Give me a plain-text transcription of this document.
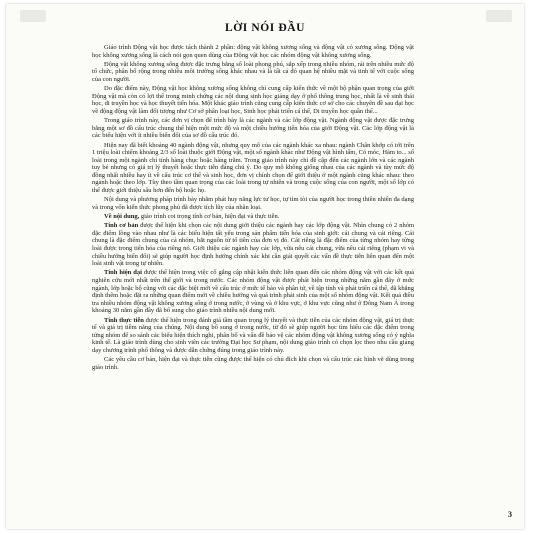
LỜI NÓI ĐẦU

Giáo trình Động vật học được tách thành 2 phần: động vật không xương sống và động vật có xương sống. Động vật học không xương sống là cách nói gọn quen dùng của Động vật học các nhóm động vật không xương sống.

Động vật không xương sống được đặc trưng bằng số loài phong phú, sắp xếp trong nhiều nhóm, rải trên nhiều mức độ tổ chức, phân bố rộng trong nhiều môi trường sống khác nhau và là tất cả đó quan hệ nhiều mặt và tinh tế với cuộc sống của con người.

Do đặc điểm này, Động vật học không xương sống không chỉ cung cấp kiến thức về một bộ phận quan trọng của giới Động vật mà còn có lợi thế trong minh chứng các nội dung sinh học giảng dạy ở phổ thông trung học, nhất là về sinh thái học, di truyền học và học thuyết tiến hóa. Một khác giáo trình cũng cung cấp kiến thức cơ sở cho các chuyên đề sau đại học về động động vật làm đối tượng như Cơ sở phân loại học, Sinh học phát triển cá thể, Di truyền học quần thể...

Trong giáo trình này, các đơn vị chọn để trình bày là các ngành và các lớp động vật. Ngành động vật được đặc trưng bằng một sơ đồ cấu trúc chung thể hiện một mức độ và một chiều hướng tiến hóa của giới Động vật. Các lớp động vật là các biểu hiện với ít nhiều biến đổi của sơ đồ cấu trúc đó.

Hiện nay đã biết khoảng 40 ngành động vật, nhưng quy mô của các ngành khác xa nhau: ngành Chân khớp có tới trên 1 triệu loài chiếm khoảng 2/3 số loài thuộc giới Động vật, một số ngành khác như Động vật hình tấm, Có móc, Hàm to... số loài trong một ngành chỉ tính hàng chục hoặc hàng trăm. Trong giáo trình này chỉ đề cập đến các ngành lớn và các ngành tuy bé nhưng có giá trị lý thuyết hoặc thực tiễn đáng chú ý. Do quy mô không giống nhau của các ngành và tùy mức độ đồng nhất nhiều hay ít về cấu trúc cơ thể và sinh học, đơn vị chính chọn để giới thiệu ở một ngành cũng khác nhau: theo ngành hoặc theo lớp. Tùy theo tầm quan trọng của các loài trong tự nhiên và trong cuộc sống của con người, một số lớp có thể được giới thiệu sâu hơn đến bộ hoặc họ.

Nội dung và phương pháp trình bày nhằm phát huy năng lực tư học, tự tìm tòi của người học trong thiên nhiên đa dạng và trong vốn kiến thức phong phú đã được tích lũy của nhân loại.

Về nội dung, giáo trình coi trọng tính cơ bản, hiện đại và thực tiễn.

Tính cơ bản được thể hiện khi chọn các nội dung giới thiệu các ngành hay các lớp động vật. Nhìn chung có 2 nhóm đặc điểm lồng vào nhau như là các biểu hiện tất yếu trong sản phẩm tiến hóa của sinh giới: cái chung và cái riêng. Cái chung là đặc điểm chung của cả nhóm, bắt nguồn từ tổ tiên của đơn vị đó. Cái riêng là đặc điểm của từng nhóm hay từng loài được trong tiến hóa của riêng nó. Giới thiệu các ngành hay các lớp, vừa nêu cái chung, vừa nêu cái riêng (phạm vi và chiều hướng biến đổi) sẽ giúp người học định hướng chính xác khi cần giải quyết các vấn đề thực tiễn liên quan đến một loài sinh vật trong tự nhiên.

Tính hiện đại được thể hiện trong việc cố gắng cập nhật kiến thức liên quan đến các nhóm động vật với các kết quả nghiên cứu mới nhất trên thế giới và trong nước. Các nhóm động vật được phát hiện trong những năm gần đây ở mức ngành, lớp hoặc bộ cũng với các đặc biệt mới về cấu trúc ở mức tế bào và phân tử, về tập tính và phát triển cá thể, đã khẳng định thêm hoặc đặt ra những quan điểm mới về chiều hướng và quá trình phát sinh của một số nhóm động vật. Kết quả điều tra nhiều nhóm động vật không xương sống ở trong nước, ở vùng và ở khu vực, ở khu vực cũng như ở Đông Nam Á trong khoảng 30 năm gần đây đã bổ sung cho giáo trình nhiều nội dung mới.

Tính thực tiễn được thể hiện trong đánh giá tầm quan trọng lý thuyết và thực tiễn của các nhóm động vật, giá trị thực tế và giá trị tiềm năng của chúng. Nội dung bổ sung ở trong nước, từ đó sẽ giúp người học tìm hiểu các đặc điểm trong từng nhóm để so sánh các biểu hiện thích nghi, phân bố và vấn đề bảo vệ các nhóm động vật không xương sống có ý nghĩa kinh tế. Là giáo trình dùng cho sinh viên các trường Đại học Sư phạm, nội dung giáo trình có chọn lọc theo nhu cầu giảng dạy chương trình phổ thông và được dẫn chứng đúng trong giáo trình này.

Các yêu cầu cơ bản, hiện đại và thực tiễn cũng được thể hiện có chủ đích khi chọn và cấu trúc các hình vẽ dùng trong giáo trình.

3
